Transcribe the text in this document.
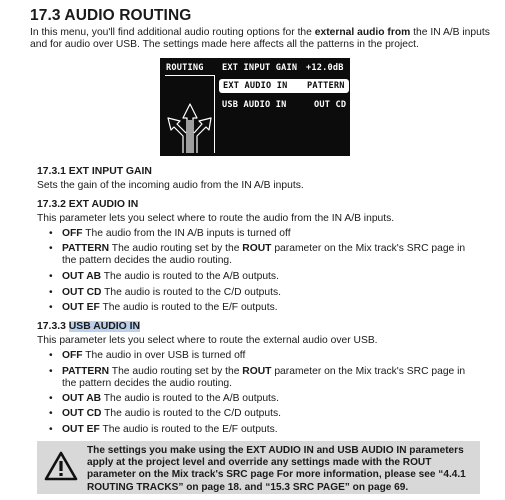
17.3 AUDIO ROUTING
In this menu, you'll find additional audio routing options for the external audio from the IN A/B inputs and for audio over USB. The settings made here affects all the patterns in the project.
ROUTING EXT INPUT GAIN +12.0dB
EXT AUDIO IN PATTERN
USB AUDIO IN	OUT CD
17.3.1 EXT INPUT GAIN
Sets the gain of the incoming audio from the IN A/B inputs.
17.3.2 EXT AUDIO IN
This parameter lets you select where to route the audio from the IN A/B inputs.
• OFF The audio from the IN A/B inputs is turned off
• PATTERN The audio routing set by the ROUT parameter on the Mix track's SRC page in the pattern decides the audio routing.
• OUT AB The audio is routed to the A/B outputs.
• OUT CD The audio is routed to the C/D outputs.
• OUT EF The audio is routed to the E/F outputs.
17.3.3 USB AUDIO IN
This parameter lets you select where to route the external audio over USB.
• OFF The audio in over USB is turned off
• PATTERN The audio routing set by the ROUT parameter on the Mix track's SRC page in the pattern decides the audio routing.
• OUT AB The audio is routed to the A/B outputs.
• OUT CD The audio is routed to the C/D outputs.
• OUT EF The audio is routed to the E/F outputs.
The settings you make using the EXT AUDIO IN and USB AUDIO IN parameters apply at the project level and override any settings made with the ROUT parameter on the Mix track's SRC page For more information, please see “4.4.1 ROUTING TRACKS” on page 18. and “15.3 SRC PAGE” on page 69.
